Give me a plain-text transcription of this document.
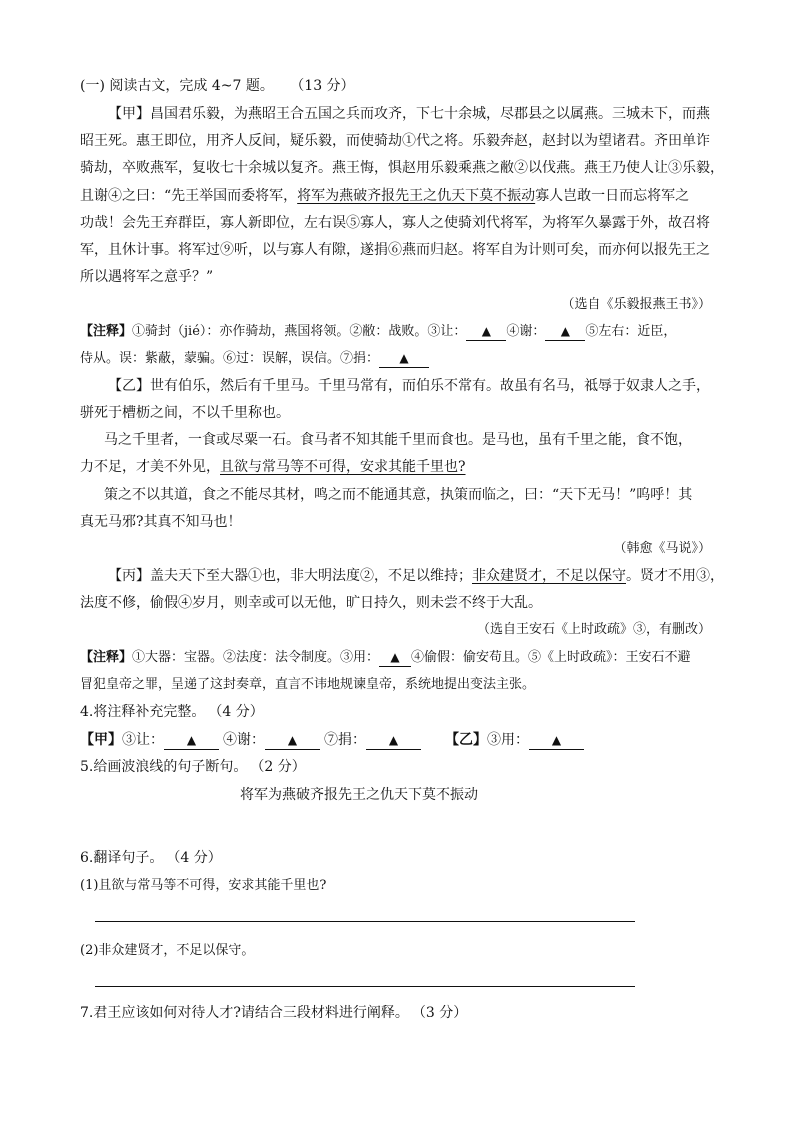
(一) 阅读古文，完成 4~7 题。 （13 分）
【甲】昌国君乐毅，为燕昭王合五国之兵而攻齐，下七十余城，尽郡县之以属燕。三城未下，而燕
昭王死。惠王即位，用齐人反间，疑乐毅，而使骑劫①代之将。乐毅奔赵，赵封以为望诸君。齐田单诈
骑劫，卒败燕军，复收七十余城以复齐。燕王悔，惧赵用乐毅乘燕之敝②以伐燕。燕王乃使人让③乐毅，
且谢④之曰：“先王举国而委将军，将军为燕破齐报先王之仇天下莫不振动寡人岂敢一日而忘将军之
功哉！会先王弃群臣，寡人新即位，左右误⑤寡人，寡人之使骑刘代将军，为将军久暴露于外，故召将
军，且休计事。将军过⑨听，以与寡人有隙，遂捐⑥燕而归赵。将军自为计则可矣，而亦何以报先王之
所以遇将军之意乎？”
（选自《乐毅报燕王书》）
【注释】①骑封（jié）：亦作骑劫，燕国将领。②敝：战败。③让： ▲ ④谢： ▲ ⑤左右：近臣，
侍从。误：紫蔽，蒙骗。⑥过：误解，误信。⑦捐： ▲
【乙】世有伯乐，然后有千里马。千里马常有，而伯乐不常有。故虽有名马，祗辱于奴隶人之手，
骈死于槽枥之间，不以千里称也。
马之千里者，一食或尽粟一石。食马者不知其能千里而食也。是马也，虽有千里之能，食不饱，
力不足，才美不外见，且欲与常马等不可得，安求其能千里也?
策之不以其道，食之不能尽其材，鸣之而不能通其意，执策而临之，曰：“天下无马！”呜呼！其
真无马邪?其真不知马也！
（韩愈《马说》）
【丙】盖夫天下至大器①也，非大明法度②，不足以维持；非众建贤才，不足以保守。贤才不用③，
法度不修，偷假④岁月，则幸或可以无他，旷日持久，则未尝不终于大乱。
（选自王安石《上时政疏》③，有删改）
【注释】①大器：宝器。②法度：法令制度。③用： ▲ ④偷假：偷安苟且。⑤《上时政疏》：王安石不避
冒犯皇帝之罪，呈递了这封奏章，直言不讳地规谏皇帝，系统地提出变法主张。
4.将注释补充完整。 （4 分）
【甲】③让： ▲ ④谢： ▲ ⑦捐： ▲	【乙】③用： ▲
5.给画波浪线的句子断句。 （2 分）
将军为燕破齐报先王之仇天下莫不振动
6.翻译句子。 （4 分）
(1)且欲与常马等不可得，安求其能千里也?
(2)非众建贤才，不足以保守。
7.君王应该如何对待人才?请结合三段材料进行阐释。 （3 分）
